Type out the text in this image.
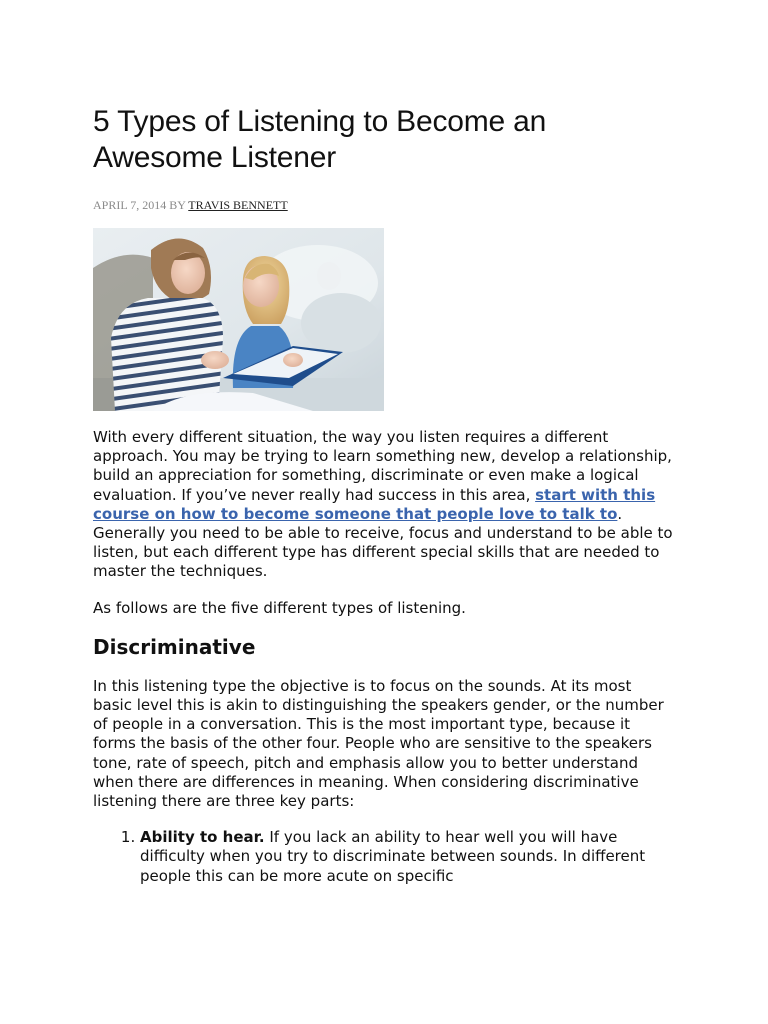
5 Types of Listening to Become an Awesome Listener
APRIL 7, 2014 BY TRAVIS BENNETT

With every different situation, the way you listen requires a different approach. You may be trying to learn something new, develop a relationship, build an appreciation for something, discriminate or even make a logical evaluation. If you’ve never really had success in this area, start with this course on how to become someone that people love to talk to. Generally you need to be able to receive, focus and understand to be able to listen, but each different type has different special skills that are needed to master the techniques.

As follows are the five different types of listening.

Discriminative

In this listening type the objective is to focus on the sounds. At its most basic level this is akin to distinguishing the speakers gender, or the number of people in a conversation. This is the most important type, because it forms the basis of the other four. People who are sensitive to the speakers tone, rate of speech, pitch and emphasis allow you to better understand when there are differences in meaning. When considering discriminative listening there are three key parts:

1. Ability to hear. If you lack an ability to hear well you will have difficulty when you try to discriminate between sounds. In different people this can be more acute on specific
